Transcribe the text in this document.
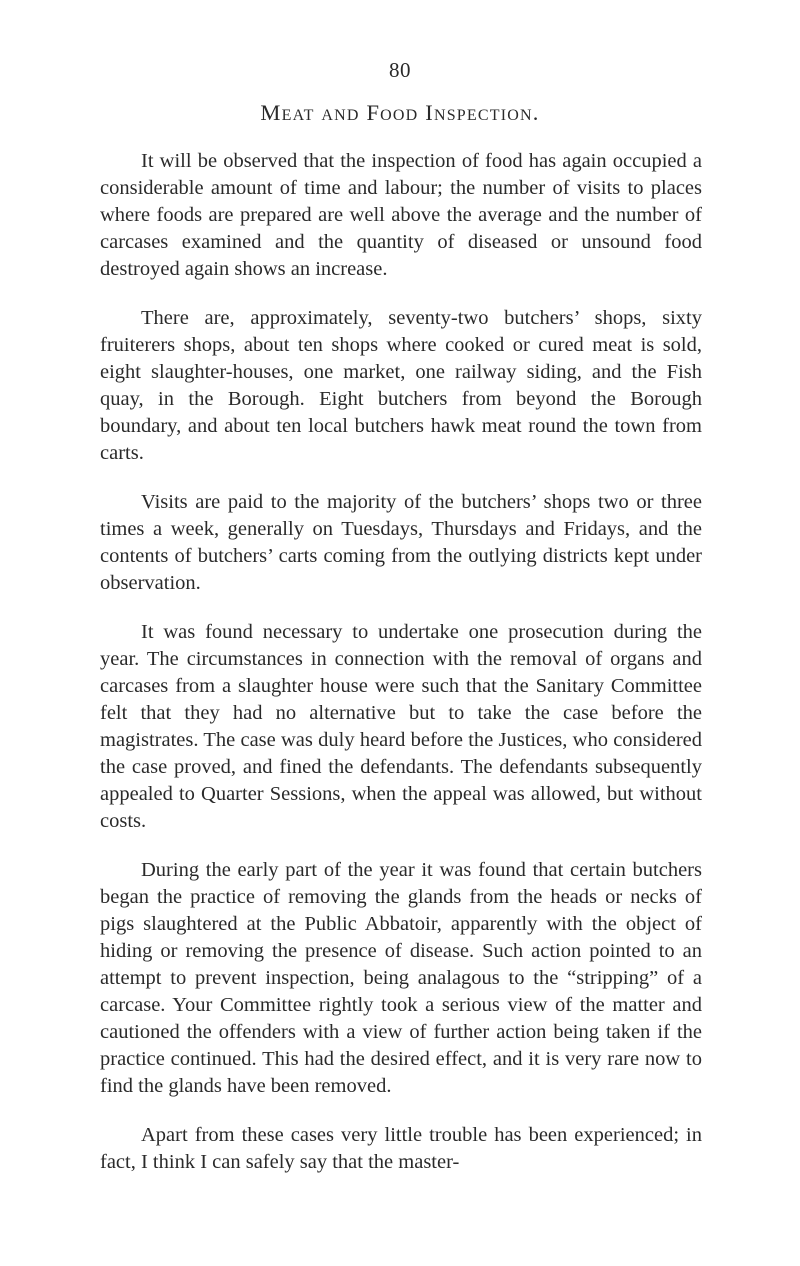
80
Meat and Food Inspection.

It will be observed that the inspection of food has again occupied a considerable amount of time and labour; the number of visits to places where foods are prepared are well above the average and the number of carcases examined and the quantity of diseased or unsound food destroyed again shows an increase.

There are, approximately, seventy-two butchers’ shops, sixty fruiterers shops, about ten shops where cooked or cured meat is sold, eight slaughter-houses, one market, one railway siding, and the Fish quay, in the Borough. Eight butchers from beyond the Borough boundary, and about ten local butchers hawk meat round the town from carts.

Visits are paid to the majority of the butchers’ shops two or three times a week, generally on Tuesdays, Thursdays and Fridays, and the contents of butchers’ carts coming from the outlying districts kept under observation.

It was found necessary to undertake one prosecution during the year. The circumstances in connection with the removal of organs and carcases from a slaughter house were such that the Sanitary Committee felt that they had no alternative but to take the case before the magistrates. The case was duly heard before the Justices, who considered the case proved, and fined the defendants. The defendants subsequently appealed to Quarter Sessions, when the appeal was allowed, but without costs.

During the early part of the year it was found that certain butchers began the practice of removing the glands from the heads or necks of pigs slaughtered at the Public Abbatoir, apparently with the object of hiding or removing the presence of disease. Such action pointed to an attempt to prevent inspection, being analagous to the “stripping” of a carcase. Your Committee rightly took a serious view of the matter and cautioned the offenders with a view of further action being taken if the practice continued. This had the desired effect, and it is very rare now to find the glands have been removed.

Apart from these cases very little trouble has been experienced; in fact, I think I can safely say that the master-
